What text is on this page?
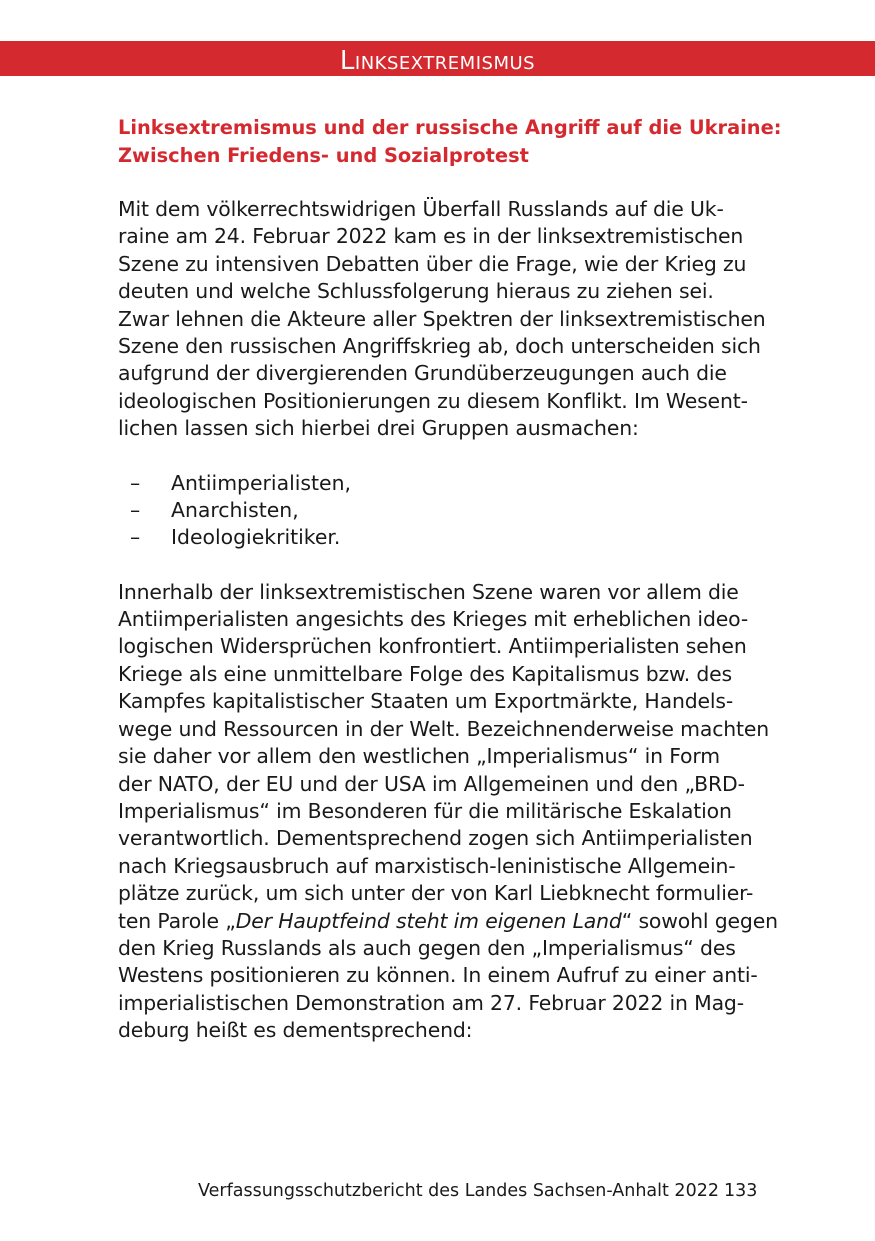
Linksextremismus
Linksextremismus und der russische Angriff auf die Ukraine:
Zwischen Friedens- und Sozialprotest

Mit dem völkerrechtswidrigen Überfall Russlands auf die Uk-
raine am 24. Februar 2022 kam es in der linksextremistischen
Szene zu intensiven Debatten über die Frage, wie der Krieg zu
deuten und welche Schlussfolgerung hieraus zu ziehen sei.
Zwar lehnen die Akteure aller Spektren der linksextremistischen
Szene den russischen Angriffskrieg ab, doch unterscheiden sich
aufgrund der divergierenden Grundüberzeugungen auch die
ideologischen Positionierungen zu diesem Konflikt. Im Wesent-
lichen lassen sich hierbei drei Gruppen ausmachen:

– Antiimperialisten,
– Anarchisten,
– Ideologiekritiker.

Innerhalb der linksextremistischen Szene waren vor allem die
Antiimperialisten angesichts des Krieges mit erheblichen ideo-
logischen Widersprüchen konfrontiert. Antiimperialisten sehen
Kriege als eine unmittelbare Folge des Kapitalismus bzw. des
Kampfes kapitalistischer Staaten um Exportmärkte, Handels-
wege und Ressourcen in der Welt. Bezeichnenderweise machten
sie daher vor allem den westlichen „Imperialismus“ in Form
der NATO, der EU und der USA im Allgemeinen und den „BRD-
Imperialismus“ im Besonderen für die militärische Eskalation
verantwortlich. Dementsprechend zogen sich Antiimperialisten
nach Kriegsausbruch auf marxistisch-leninistische Allgemein-
plätze zurück, um sich unter der von Karl Liebknecht formulier-
ten Parole „Der Hauptfeind steht im eigenen Land“ sowohl gegen
den Krieg Russlands als auch gegen den „Imperialismus“ des
Westens positionieren zu können. In einem Aufruf zu einer anti-
imperialistischen Demonstration am 27. Februar 2022 in Mag-
deburg heißt es dementsprechend:

Verfassungsschutzbericht des Landes Sachsen-Anhalt 2022 133
